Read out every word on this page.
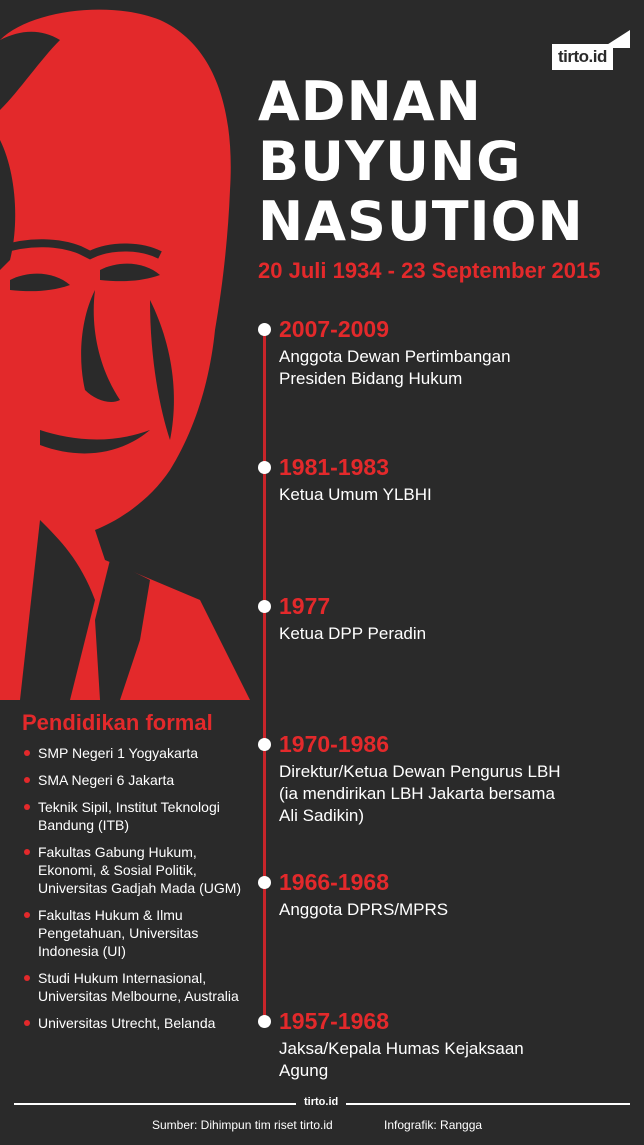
tirto.id
ADNAN
BUYUNG
NASUTION
20 Juli 1934 - 23 September 2015
2007-2009
Anggota Dewan Pertimbangan Presiden Bidang Hukum
1981-1983
Ketua Umum YLBHI
1977
Ketua DPP Peradin
1970-1986
Direktur/Ketua Dewan Pengurus LBH (ia mendirikan LBH Jakarta bersama Ali Sadikin)
1966-1968
Anggota DPRS/MPRS
1957-1968
Jaksa/Kepala Humas Kejaksaan Agung
Pendidikan formal
SMP Negeri 1 Yogyakarta
SMA Negeri 6 Jakarta
Teknik Sipil, Institut Teknologi Bandung (ITB)
Fakultas Gabung Hukum, Ekonomi, & Sosial Politik, Universitas Gadjah Mada (UGM)
Fakultas Hukum & Ilmu Pengetahuan, Universitas Indonesia (UI)
Studi Hukum Internasional, Universitas Melbourne, Australia
Universitas Utrecht, Belanda
tirto.id
Sumber: Dihimpun tim riset tirto.id	Infografik: Rangga
